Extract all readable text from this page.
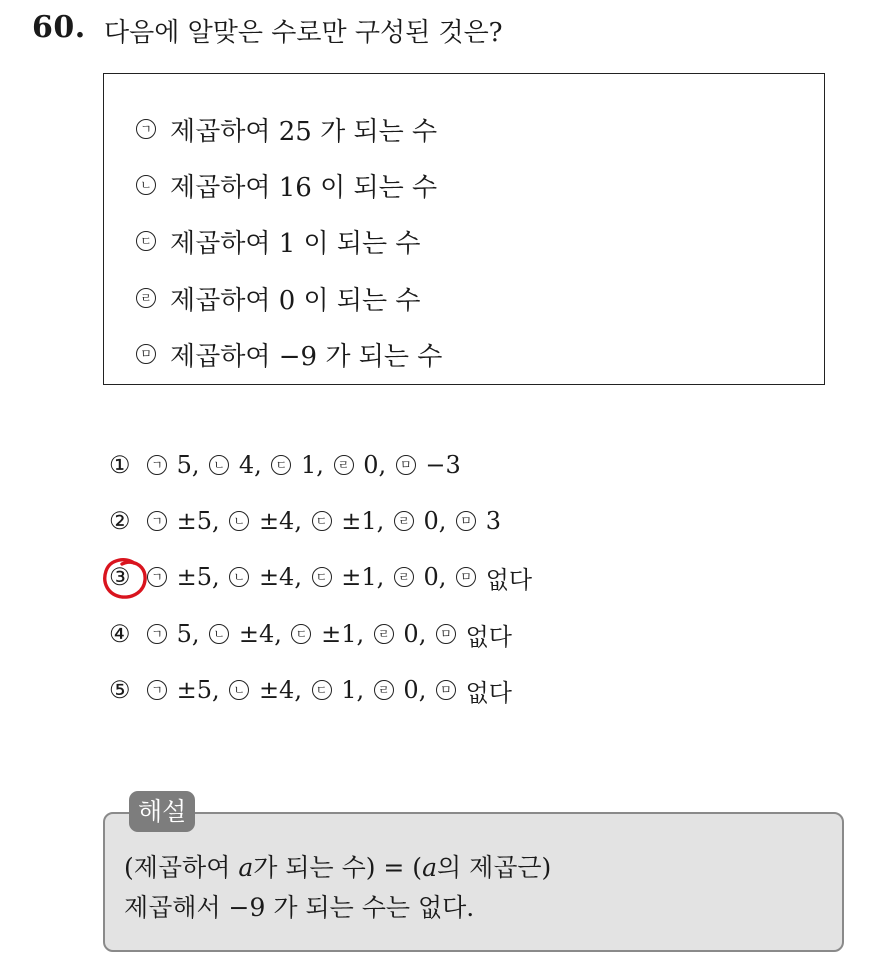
60. 다음에 알맞은 수로만 구성된 것은?
ㄱ 제곱하여 25 가 되는 수
ㄴ 제곱하여 16 이 되는 수
ㄷ 제곱하여 1 이 되는 수
ㄹ 제곱하여 0 이 되는 수
ㅁ 제곱하여 −9 가 되는 수
①	ㄱ
5,
	ㄴ
4,
	ㄷ
1,
	ㄹ
0,
	ㅁ
−3
②	ㄱ
±5,
	ㄴ
±4,
	ㄷ
±1,
	ㄹ
0,
	ㅁ
3
③	ㄱ
±5,
	ㄴ
±4,
	ㄷ
±1,
	ㄹ
0,
	ㅁ
없다
④	ㄱ
5,
	ㄴ
±4,
	ㄷ
±1,
	ㄹ
0,
	ㅁ
없다
⑤	ㄱ
±5,
	ㄴ
±4,
	ㄷ
1,
	ㄹ
0,
	ㅁ
없다
해설
(제곱하여 a가 되는 수) = (a의 제곱근)
제곱해서 −9 가 되는 수는 없다.
